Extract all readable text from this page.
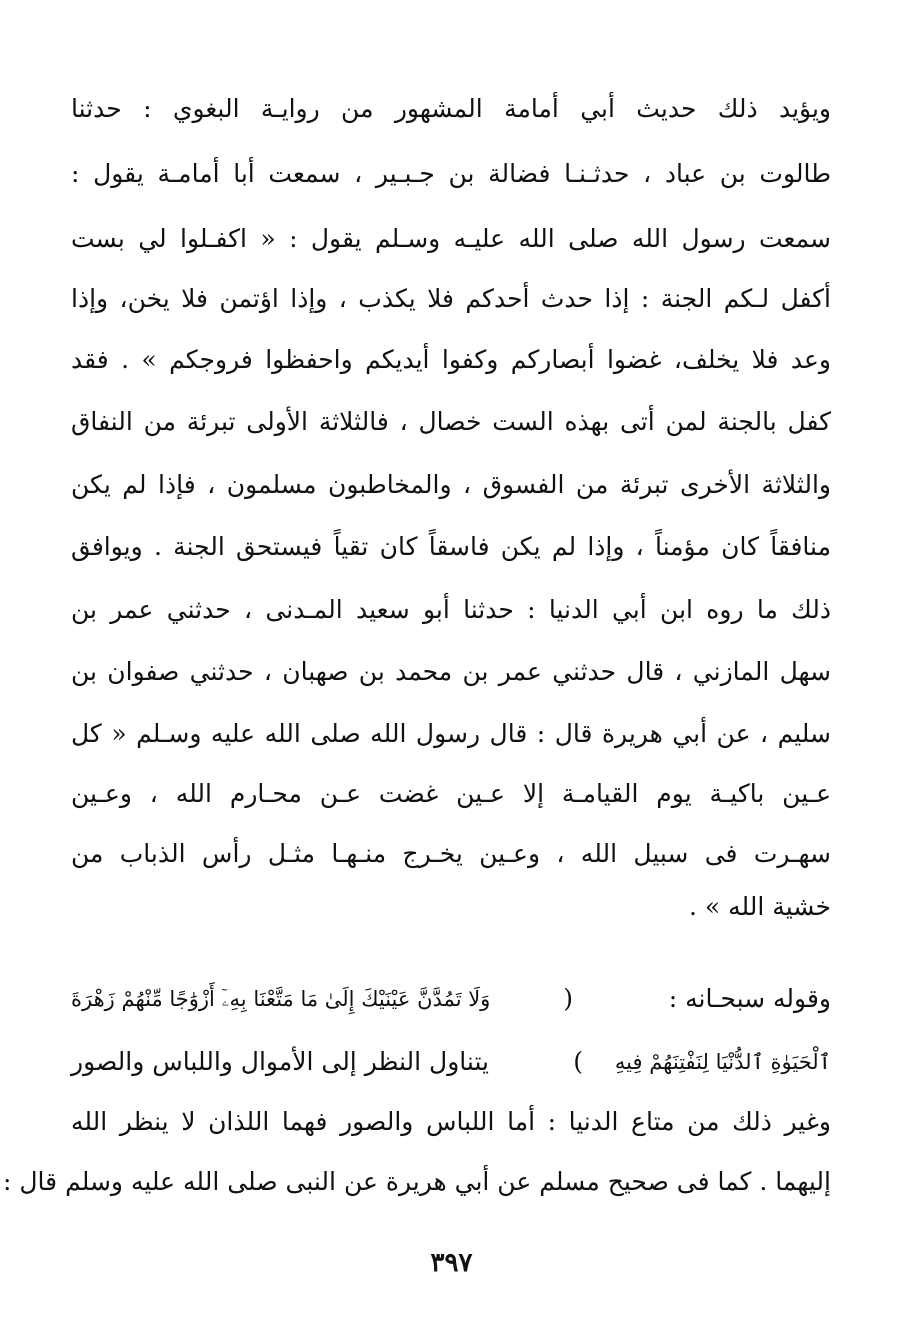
ويؤيد ذلك حديث أبي أمامة المشهور من روايـة البغوي : حدثنا
طالوت بن عباد ، حدثـنـا فضالة بن جـبـير ، سمعت أبا أمامـة يقول :
سمعت رسول الله صلى الله عليـه وسـلم يقول : « اكفـلوا لي بست
أكفل لـكم الجنة : إذا حدث أحدكم فلا يكذب ، وإذا اؤتمن فلا يخن، وإذا
وعد فلا يخلف، غضوا أبصاركم وكفوا أيديكم واحفظوا فروجكم » . فقد
كفل بالجنة لمن أتى بهذه الست خصال ، فالثلاثة الأولى تبرئة من النفاق
والثلاثة الأخرى تبرئة من الفسوق ، والمخاطبون مسلمون ، فإذا لم يكن
منافقاً كان مؤمناً ، وإذا لم يكن فاسقاً كان تقياً فيستحق الجنة . ويوافق
ذلك ما روه ابن أبي الدنيا : حدثنا أبو سعيد المـدنى ، حدثني عمر بن
سهل المازني ، قال حدثني عمر بن محمد بن صهبان ، حدثني صفوان بن
سليم ، عن أبي هريرة قال : قال رسول الله صلى الله عليه وسـلم « كل
عـين باكيـة يوم القيامـة إلا عـين غضت عـن محـارم الله ، وعـين
سهـرت فى سبيل الله ، وعـين يخـرج منـهـا مثـل رأس الذباب من
خشية الله » .
وقوله سبحـانه :
(
وَلَا تَمُدَّنَّ عَيْنَيْكَ إِلَىٰ مَا مَتَّعْنَا بِهِۦٓ أَزْوَٰجًا مِّنْهُمْ زَهْرَةَ
ٱلْحَيَوٰةِ ٱلدُّنْيَا لِنَفْتِنَهُمْ فِيهِ
)
يتناول النظر إلى الأموال واللباس والصور
وغير ذلك من متاع الدنيا : أما اللباس والصور فهما اللذان لا ينظر الله
إليهما . كما فى صحيح مسلم عن أبي هريرة عن النبى صلى الله عليه وسلم قال :
٣٩٧
